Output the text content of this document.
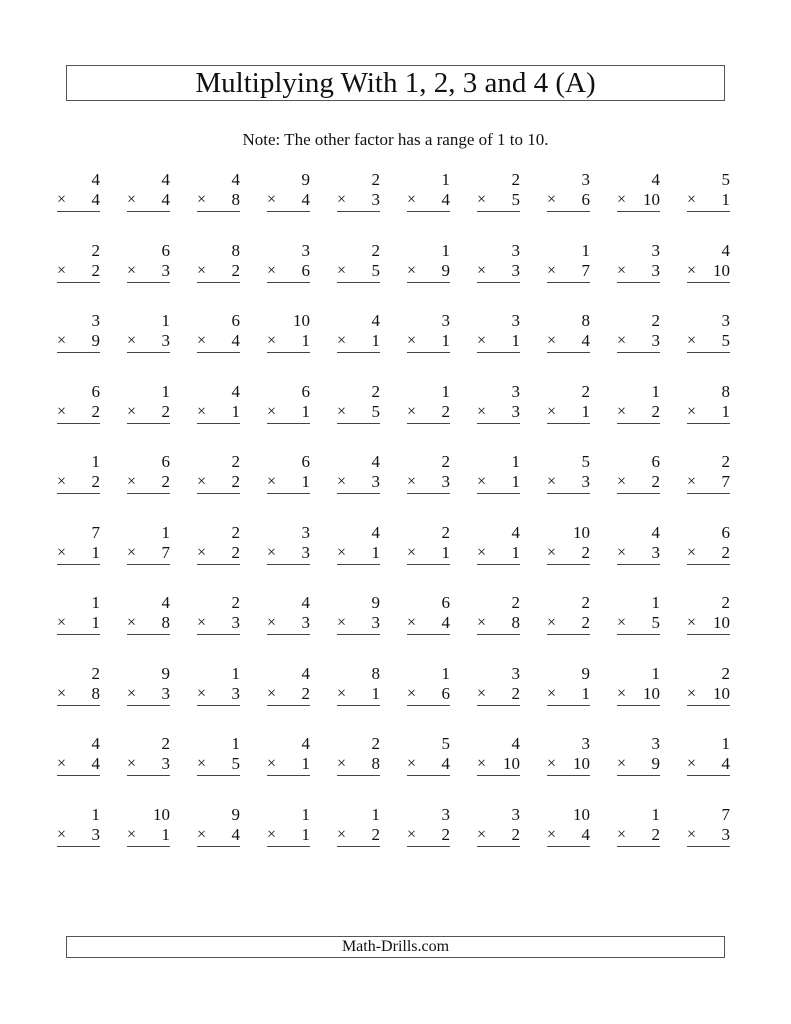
Multiplying With 1, 2, 3 and 4 (A)
Note: The other factor has a range of 1 to 10.
4
× 4
4
× 4
4
× 8
9
× 4
2
× 3
1
× 4
2
× 5
3
× 6
4
× 10
5
× 1
2
× 2
6
× 3
8
× 2
3
× 6
2
× 5
1
× 9
3
× 3
1
× 7
3
× 3
4
× 10
3
× 9
1
× 3
6
× 4
10
× 1
4
× 1
3
× 1
3
× 1
8
× 4
2
× 3
3
× 5
6
× 2
1
× 2
4
× 1
6
× 1
2
× 5
1
× 2
3
× 3
2
× 1
1
× 2
8
× 1
1
× 2
6
× 2
2
× 2
6
× 1
4
× 3
2
× 3
1
× 1
5
× 3
6
× 2
2
× 7
7
× 1
1
× 7
2
× 2
3
× 3
4
× 1
2
× 1
4
× 1
10
× 2
4
× 3
6
× 2
1
× 1
4
× 8
2
× 3
4
× 3
9
× 3
6
× 4
2
× 8
2
× 2
1
× 5
2
× 10
2
× 8
9
× 3
1
× 3
4
× 2
8
× 1
1
× 6
3
× 2
9
× 1
1
× 10
2
× 10
4
× 4
2
× 3
1
× 5
4
× 1
2
× 8
5
× 4
4
× 10
3
× 10
3
× 9
1
× 4
1
× 3
10
× 1
9
× 4
1
× 1
1
× 2
3
× 2
3
× 2
10
× 4
1
× 2
7
× 3
Math-Drills.com
